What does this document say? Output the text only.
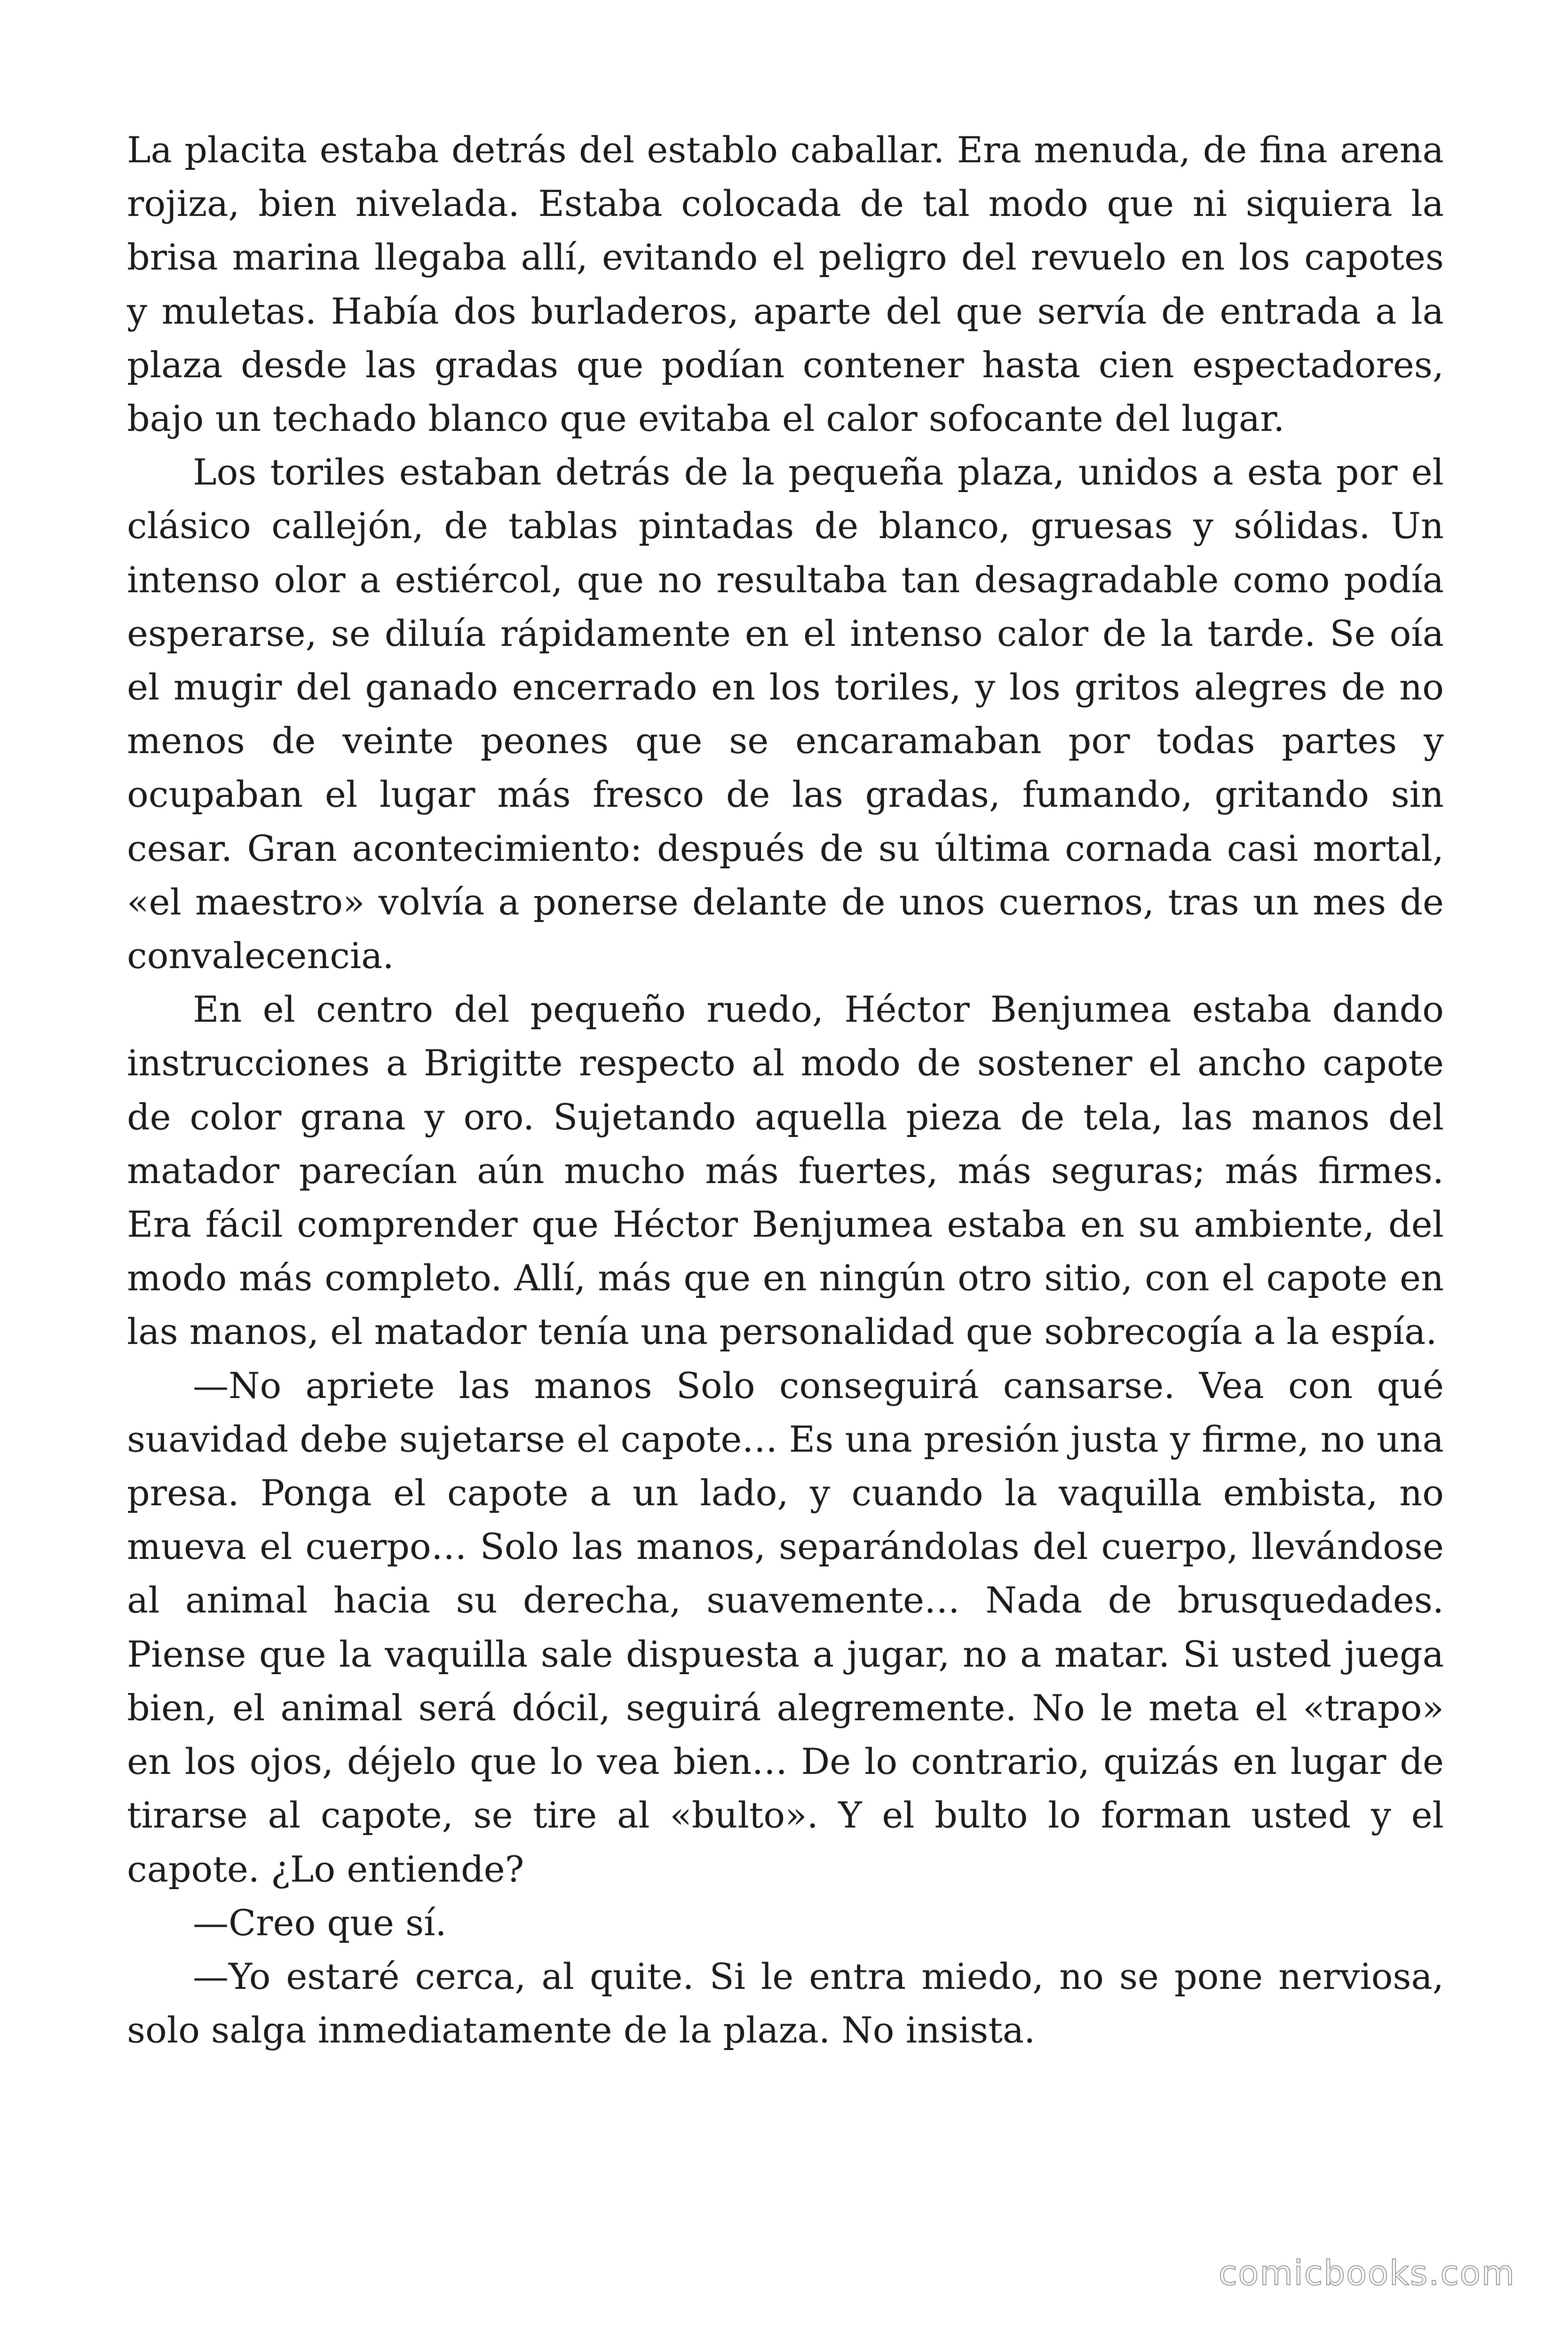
La placita estaba detrás del establo caballar. Era menuda, de fina arena rojiza, bien nivelada. Estaba colocada de tal modo que ni siquiera la brisa marina llegaba allí, evitando el peligro del revuelo en los capotes y muletas. Había dos burladeros, aparte del que servía de entrada a la plaza desde las gradas que podían contener hasta cien espectadores, bajo un techado blanco que evitaba el calor sofocante del lugar.

Los toriles estaban detrás de la pequeña plaza, unidos a esta por el clásico callejón, de tablas pintadas de blanco, gruesas y sólidas. Un intenso olor a estiércol, que no resultaba tan desagradable como podía esperarse, se diluía rápidamente en el intenso calor de la tarde. Se oía el mugir del ganado encerrado en los toriles, y los gritos alegres de no menos de veinte peones que se encaramaban por todas partes y ocupaban el lugar más fresco de las gradas, fumando, gritando sin cesar. Gran acontecimiento: después de su última cornada casi mortal, «el maestro» volvía a ponerse delante de unos cuernos, tras un mes de convalecencia.

En el centro del pequeño ruedo, Héctor Benjumea estaba dando instrucciones a Brigitte respecto al modo de sostener el ancho capote de color grana y oro. Sujetando aquella pieza de tela, las manos del matador parecían aún mucho más fuertes, más seguras; más firmes. Era fácil comprender que Héctor Benjumea estaba en su ambiente, del modo más completo. Allí, más que en ningún otro sitio, con el capote en las manos, el matador tenía una personalidad que sobrecogía a la espía.

—No apriete las manos Solo conseguirá cansarse. Vea con qué suavidad debe sujetarse el capote… Es una presión justa y firme, no una presa. Ponga el capote a un lado, y cuando la vaquilla embista, no mueva el cuerpo… Solo las manos, separándolas del cuerpo, llevándose al animal hacia su derecha, suavemente… Nada de brusquedades. Piense que la vaquilla sale dispuesta a jugar, no a matar. Si usted juega bien, el animal será dócil, seguirá alegremente. No le meta el «trapo» en los ojos, déjelo que lo vea bien… De lo contrario, quizás en lugar de tirarse al capote, se tire al «bulto». Y el bulto lo forman usted y el capote. ¿Lo entiende?

—Creo que sí.

—Yo estaré cerca, al quite. Si le entra miedo, no se pone nerviosa, solo salga inmediatamente de la plaza. No insista.

comicbooks.com
